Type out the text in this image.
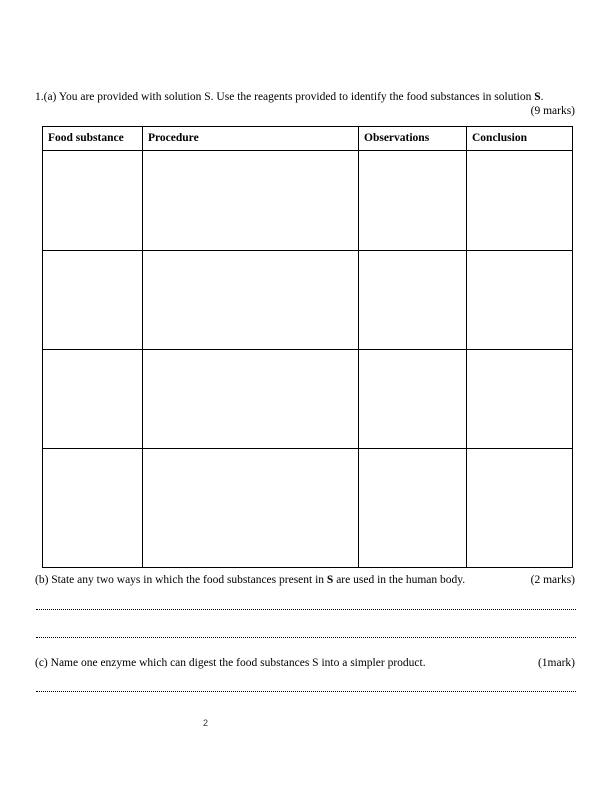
1.(a) You are provided with solution S. Use the reagents provided to identify the food substances in solution S.
(9 marks)
Food substance	Procedure	Observations	Conclusion

(b) State any two ways in which the food substances present in S are used in the human body.	(2 marks)
(c) Name one enzyme which can digest the food substances S into a simpler product.	(1mark)
2
